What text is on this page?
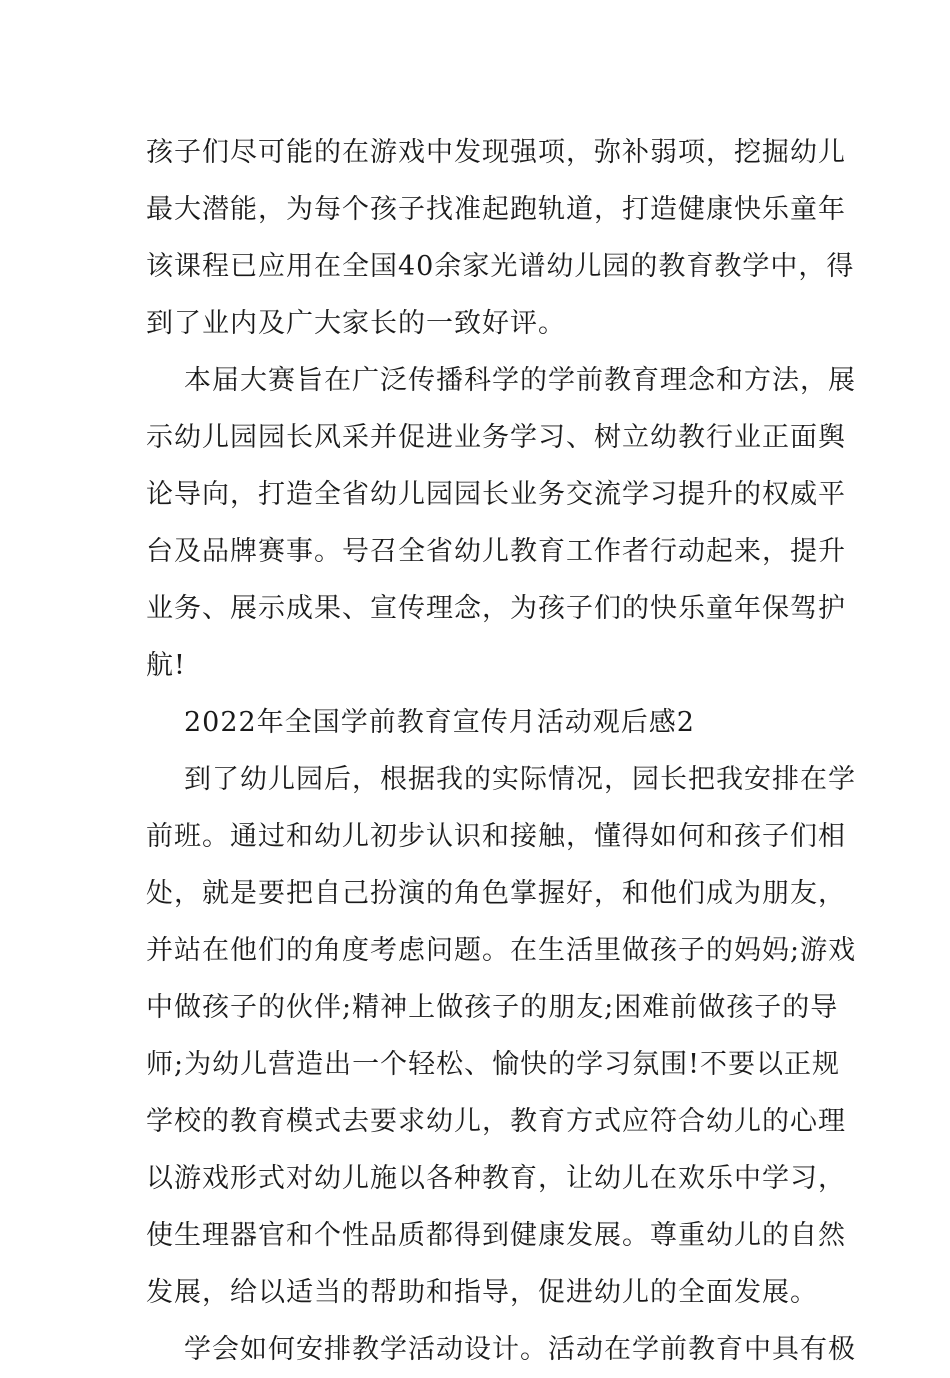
孩子们尽可能的在游戏中发现强项，弥补弱项，挖掘幼儿
最大潜能，为每个孩子找准起跑轨道，打造健康快乐童年
该课程已应用在全国40余家光谱幼儿园的教育教学中，得
到了业内及广大家长的一致好评。
本届大赛旨在广泛传播科学的学前教育理念和方法，展
示幼儿园园长风采并促进业务学习、树立幼教行业正面舆
论导向，打造全省幼儿园园长业务交流学习提升的权威平
台及品牌赛事。号召全省幼儿教育工作者行动起来，提升
业务、展示成果、宣传理念，为孩子们的快乐童年保驾护
航!
2022年全国学前教育宣传月活动观后感2
到了幼儿园后，根据我的实际情况，园长把我安排在学
前班。通过和幼儿初步认识和接触，懂得如何和孩子们相
处，就是要把自己扮演的角色掌握好，和他们成为朋友，
并站在他们的角度考虑问题。在生活里做孩子的妈妈;游戏
中做孩子的伙伴;精神上做孩子的朋友;困难前做孩子的导
师;为幼儿营造出一个轻松、愉快的学习氛围!不要以正规
学校的教育模式去要求幼儿，教育方式应符合幼儿的心理
以游戏形式对幼儿施以各种教育，让幼儿在欢乐中学习，
使生理器官和个性品质都得到健康发展。尊重幼儿的自然
发展，给以适当的帮助和指导，促进幼儿的全面发展。
学会如何安排教学活动设计。活动在学前教育中具有极
